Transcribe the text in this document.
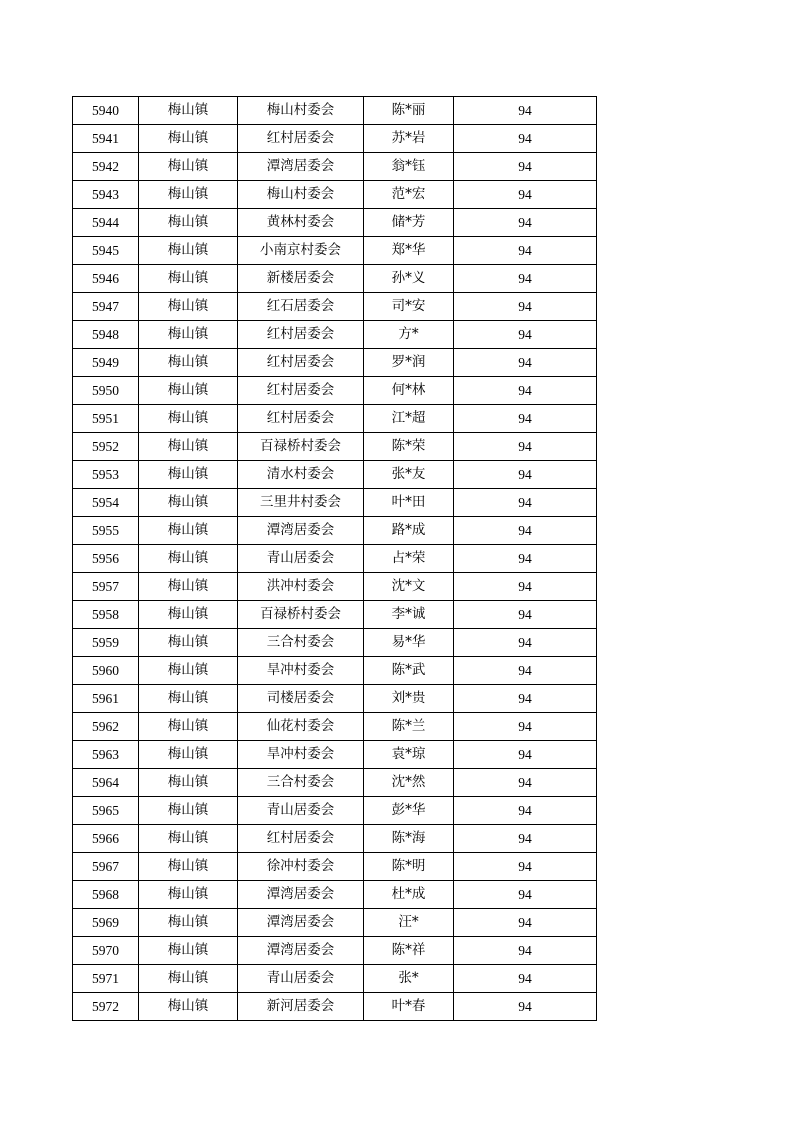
5940	梅山镇	梅山村委会	陈*丽	94
5941	梅山镇	红村居委会	苏*岩	94
5942	梅山镇	潭湾居委会	翁*钰	94
5943	梅山镇	梅山村委会	范*宏	94
5944	梅山镇	黄林村委会	储*芳	94
5945	梅山镇	小南京村委会	郑*华	94
5946	梅山镇	新楼居委会	孙*义	94
5947	梅山镇	红石居委会	司*安	94
5948	梅山镇	红村居委会	方*	94
5949	梅山镇	红村居委会	罗*润	94
5950	梅山镇	红村居委会	何*林	94
5951	梅山镇	红村居委会	江*超	94
5952	梅山镇	百禄桥村委会	陈*荣	94
5953	梅山镇	清水村委会	张*友	94
5954	梅山镇	三里井村委会	叶*田	94
5955	梅山镇	潭湾居委会	路*成	94
5956	梅山镇	青山居委会	占*荣	94
5957	梅山镇	洪冲村委会	沈*文	94
5958	梅山镇	百禄桥村委会	李*诚	94
5959	梅山镇	三合村委会	易*华	94
5960	梅山镇	旱冲村委会	陈*武	94
5961	梅山镇	司楼居委会	刘*贵	94
5962	梅山镇	仙花村委会	陈*兰	94
5963	梅山镇	旱冲村委会	袁*琼	94
5964	梅山镇	三合村委会	沈*然	94
5965	梅山镇	青山居委会	彭*华	94
5966	梅山镇	红村居委会	陈*海	94
5967	梅山镇	徐冲村委会	陈*明	94
5968	梅山镇	潭湾居委会	杜*成	94
5969	梅山镇	潭湾居委会	汪*	94
5970	梅山镇	潭湾居委会	陈*祥	94
5971	梅山镇	青山居委会	张*	94
5972	梅山镇	新河居委会	叶*春	94
